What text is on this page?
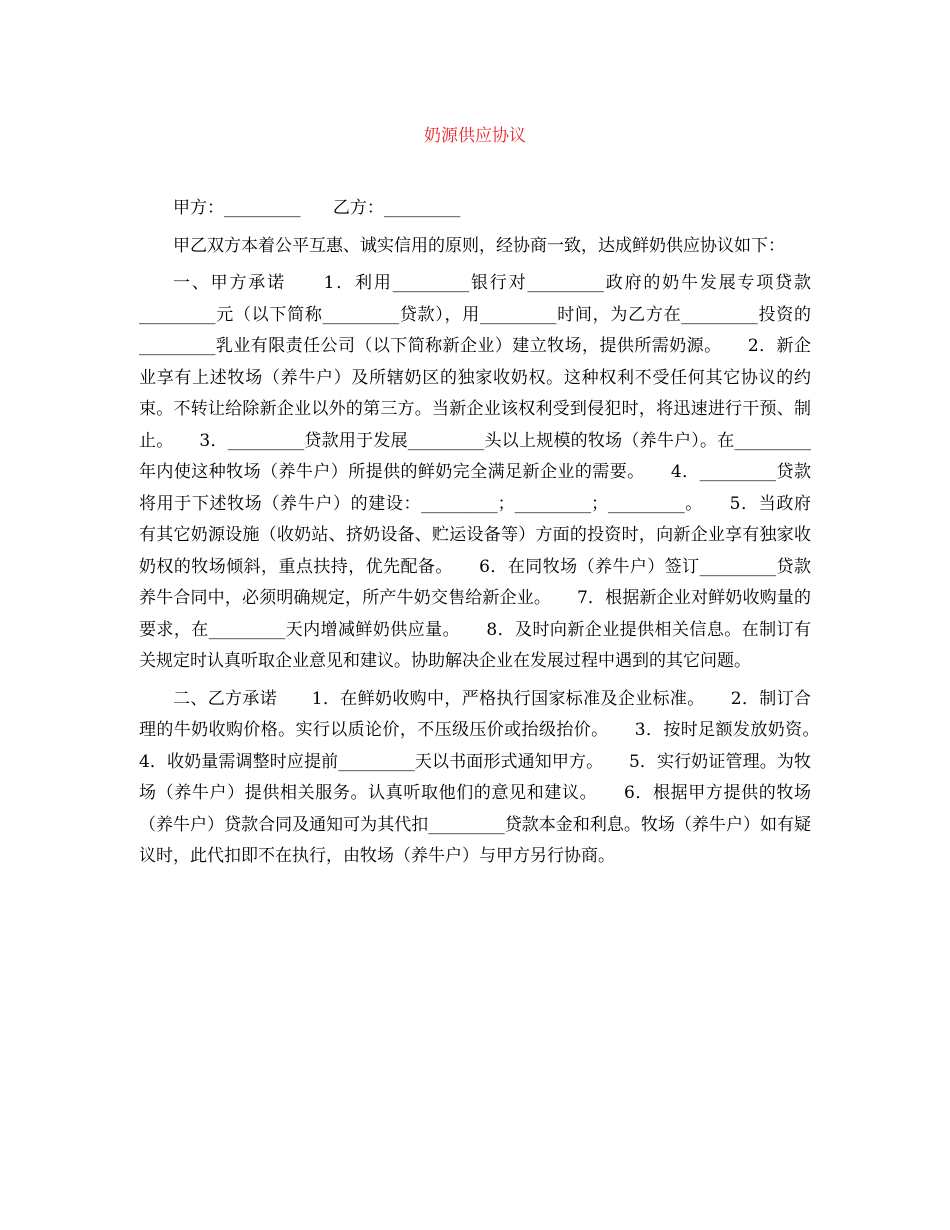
奶源供应协议

甲方：_________      乙方：_________

甲乙双方本着公平互惠、诚实信用的原则，经协商一致，达成鲜奶供应协议如下：

一、甲方承诺　　1．利用_________银行对_________政府的奶牛发展专项贷款_________元（以下简称_________贷款），用_________时间，为乙方在_________投资的_________乳业有限责任公司（以下简称新企业）建立牧场，提供所需奶源。　　2．新企业享有上述牧场（养牛户）及所辖奶区的独家收奶权。这种权利不受任何其它协议的约束。不转让给除新企业以外的第三方。当新企业该权利受到侵犯时，将迅速进行干预、制止。　　3．_________贷款用于发展_________头以上规模的牧场（养牛户）。在_________年内使这种牧场（养牛户）所提供的鲜奶完全满足新企业的需要。　　4．_________贷款将用于下述牧场（养牛户）的建设：_________；_________；_________。　　5．当政府有其它奶源设施（收奶站、挤奶设备、贮运设备等）方面的投资时，向新企业享有独家收奶权的牧场倾斜，重点扶持，优先配备。　　6．在同牧场（养牛户）签订_________贷款养牛合同中，必须明确规定，所产牛奶交售给新企业。　　7．根据新企业对鲜奶收购量的要求，在_________天内增减鲜奶供应量。　　8．及时向新企业提供相关信息。在制订有关规定时认真听取企业意见和建议。协助解决企业在发展过程中遇到的其它问题。

二、乙方承诺　　1．在鲜奶收购中，严格执行国家标准及企业标准。　　2．制订合理的牛奶收购价格。实行以质论价，不压级压价或抬级抬价。　　3．按时足额发放奶资。　　4．收奶量需调整时应提前_________天以书面形式通知甲方。　　5．实行奶证管理。为牧场（养牛户）提供相关服务。认真听取他们的意见和建议。　　6．根据甲方提供的牧场（养牛户）贷款合同及通知可为其代扣_________贷款本金和利息。牧场（养牛户）如有疑议时，此代扣即不在执行，由牧场（养牛户）与甲方另行协商。
